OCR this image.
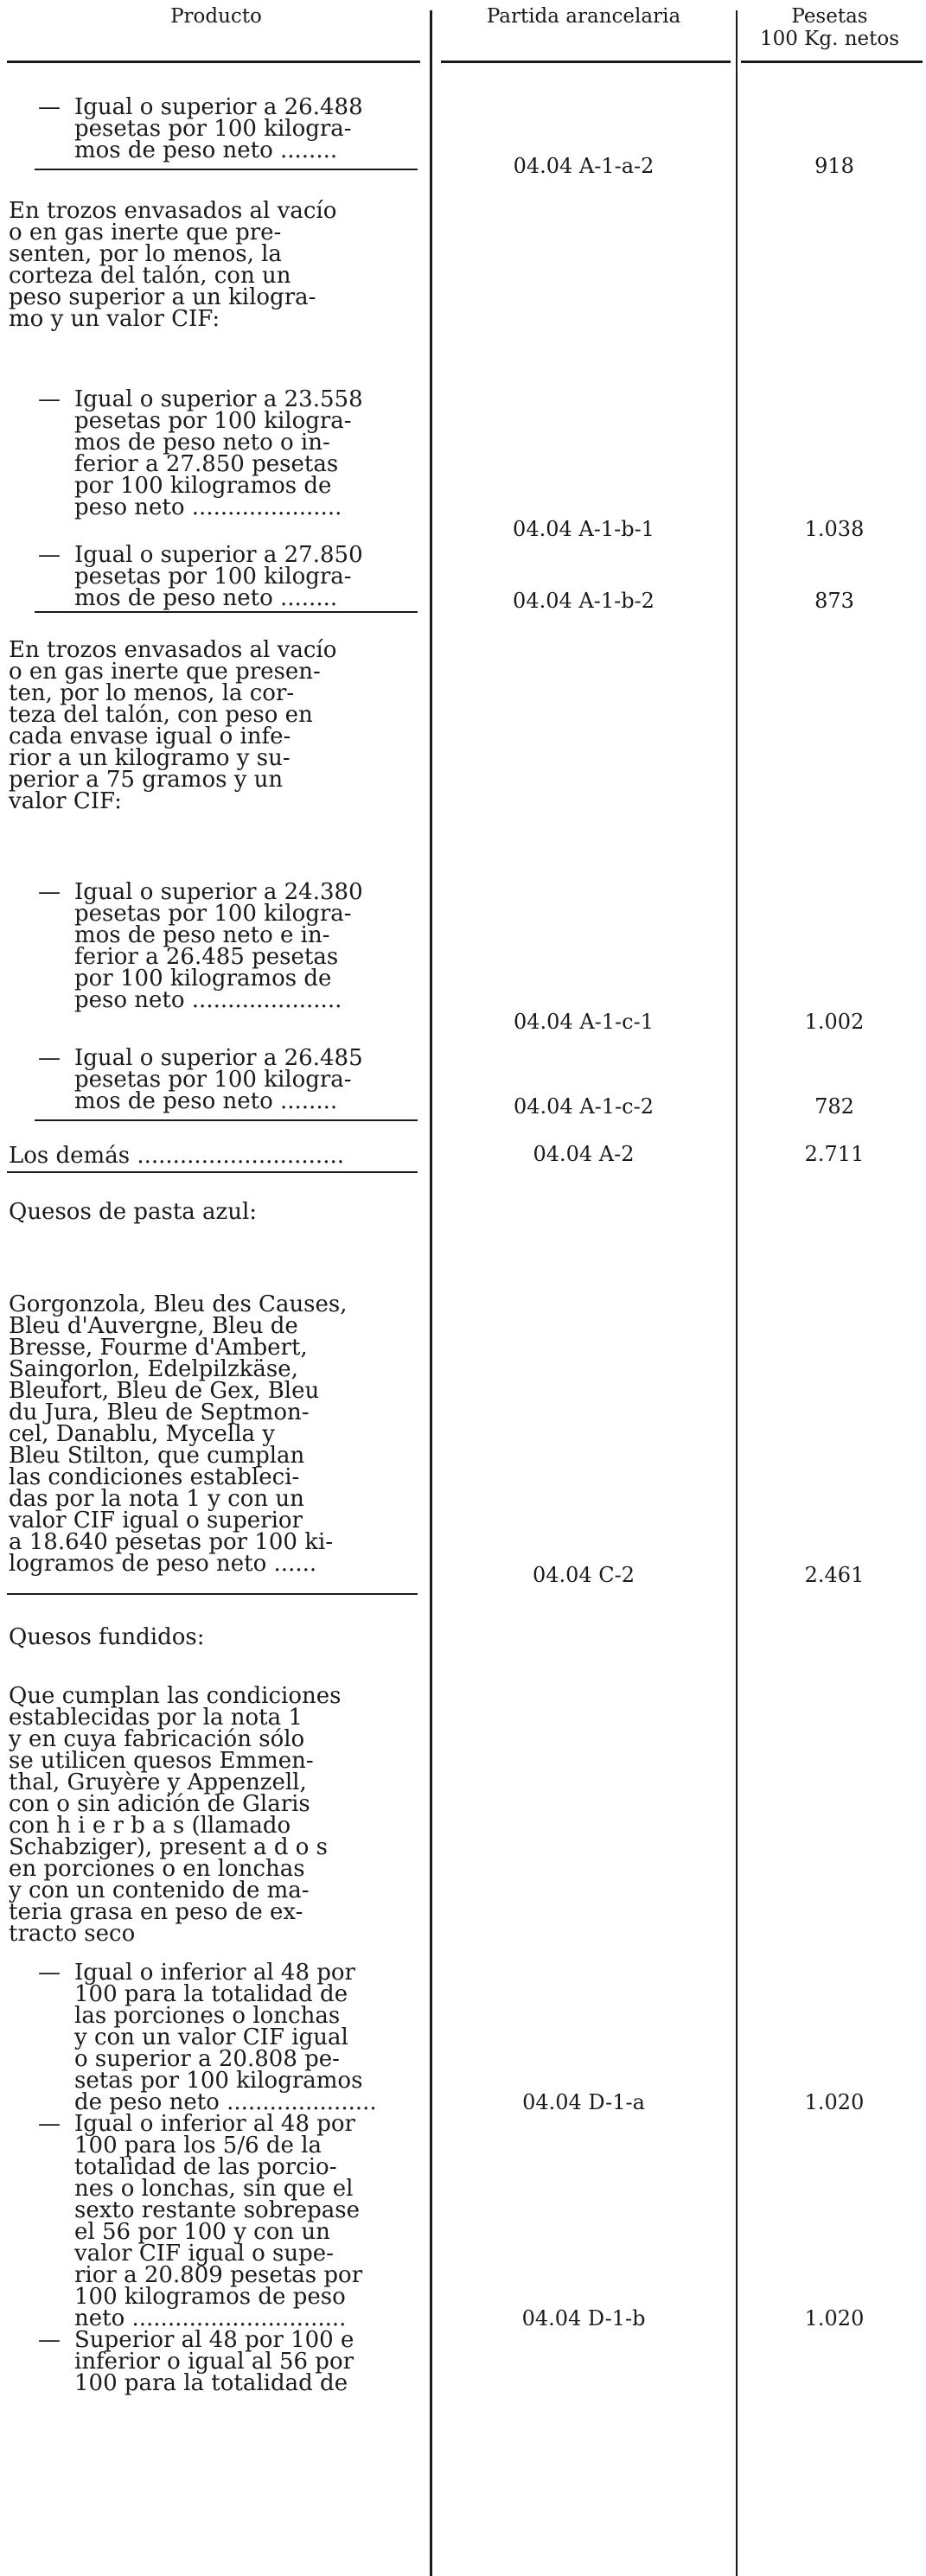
Producto	Partida arancelaria	Pesetas
100 Kg. netos
— Igual o superior a 26.488
pesetas por 100 kilogra-
mos de peso neto ........
04.04 A-1-a-2	918
En trozos envasados al vacío
o en gas inerte que pre-
senten, por lo menos, la
corteza del talón, con un
peso superior a un kilogra-
mo y un valor CIF:
— Igual o superior a 23.558
pesetas por 100 kilogra-
mos de peso neto o in-
ferior a 27.850 pesetas
por 100 kilogramos de
peso neto .....................
04.04 A-1-b-1	1.038
— Igual o superior a 27.850
pesetas por 100 kilogra-
mos de peso neto ........	04.04 A-1-b-2	873
En trozos envasados al vacío
o en gas inerte que presen-
ten, por lo menos, la cor-
teza del talón, con peso en
cada envase igual o infe-
rior a un kilogramo y su-
perior a 75 gramos y un
valor CIF:
— Igual o superior a 24.380
pesetas por 100 kilogra-
mos de peso neto e in-
ferior a 26.485 pesetas
por 100 kilogramos de
peso neto .....................
04.04 A-1-c-1	1.002
— Igual o superior a 26.485
pesetas por 100 kilogra-
mos de peso neto ........	04.04 A-1-c-2	782
Los demás .............................	04.04 A-2	2.711
Quesos de pasta azul:
Gorgonzola, Bleu des Causes,
Bleu d'Auvergne, Bleu de
Bresse, Fourme d'Ambert,
Saingorlon, Edelpilzkäse,
Bleufort, Bleu de Gex, Bleu
du Jura, Bleu de Septmon-
cel, Danablu, Mycella y
Bleu Stilton, que cumplan
las condiciones estableci-
das por la nota 1 y con un
valor CIF igual o superior
a 18.640 pesetas por 100 ki-
logramos de peso neto ......	04.04 C-2	2.461
Quesos fundidos:
Que cumplan las condiciones
establecidas por la nota 1
y en cuya fabricación sólo
se utilicen quesos Emmen-
thal, Gruyère y Appenzell,
con o sin adición de Glaris
con h i e r b a s (llamado
Schabziger), present a d o s
en porciones o en lonchas
y con un contenido de ma-
teria grasa en peso de ex-
tracto seco
— Igual o inferior al 48 por
100 para la totalidad de
las porciones o lonchas
y con un valor CIF igual
o superior a 20.808 pe-
setas por 100 kilogramos
de peso neto .....................	04.04 D-1-a	1.020
— Igual o inferior al 48 por
100 para los 5/6 de la
totalidad de las porcio-
nes o lonchas, sin que el
sexto restante sobrepase
el 56 por 100 y con un
valor CIF igual o supe-
rior a 20.809 pesetas por
100 kilogramos de peso
neto ..............................	04.04 D-1-b	1.020
— Superior al 48 por 100 e
inferior o igual al 56 por
100 para la totalidad de
